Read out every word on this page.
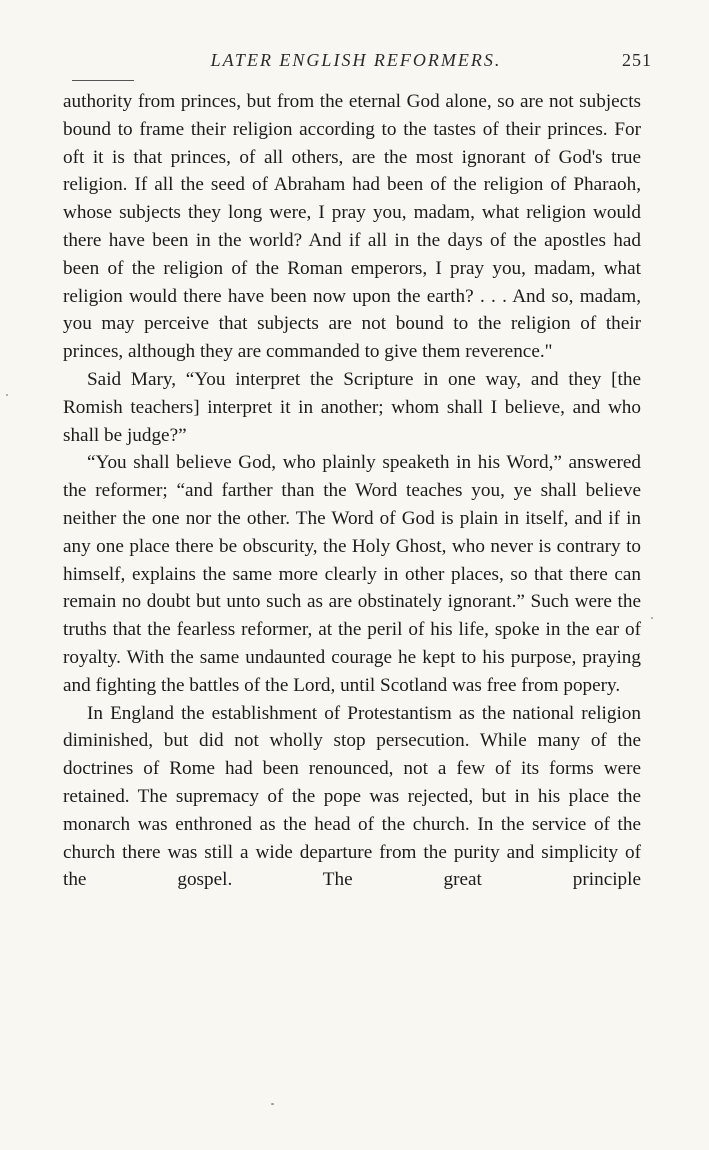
LATER ENGLISH REFORMERS.	251

authority from princes, but from the eternal God alone, so are not subjects bound to frame their religion according to the tastes of their princes. For oft it is that princes, of all others, are the most ignorant of God's true religion. If all the seed of Abraham had been of the religion of Pharaoh, whose subjects they long were, I pray you, madam, what religion would there have been in the world? And if all in the days of the apostles had been of the religion of the Roman emperors, I pray you, madam, what religion would there have been now upon the earth? . . . And so, madam, you may perceive that subjects are not bound to the religion of their princes, although they are commanded to give them reverence."

Said Mary, “You interpret the Scripture in one way, and they [the Romish teachers] interpret it in another; whom shall I believe, and who shall be judge?”

“You shall believe God, who plainly speaketh in his Word,” answered the reformer; “and farther than the Word teaches you, ye shall believe neither the one nor the other. The Word of God is plain in itself, and if in any one place there be obscurity, the Holy Ghost, who never is contrary to himself, explains the same more clearly in other places, so that there can remain no doubt but unto such as are obstinately ignorant.” Such were the truths that the fearless reformer, at the peril of his life, spoke in the ear of royalty. With the same undaunted courage he kept to his purpose, praying and fighting the battles of the Lord, until Scotland was free from popery.

In England the establishment of Protestantism as the national religion diminished, but did not wholly stop persecution. While many of the doctrines of Rome had been renounced, not a few of its forms were retained. The supremacy of the pope was rejected, but in his place the monarch was enthroned as the head of the church. In the service of the church there was still a wide departure from the purity and simplicity of the gospel. The great principle
